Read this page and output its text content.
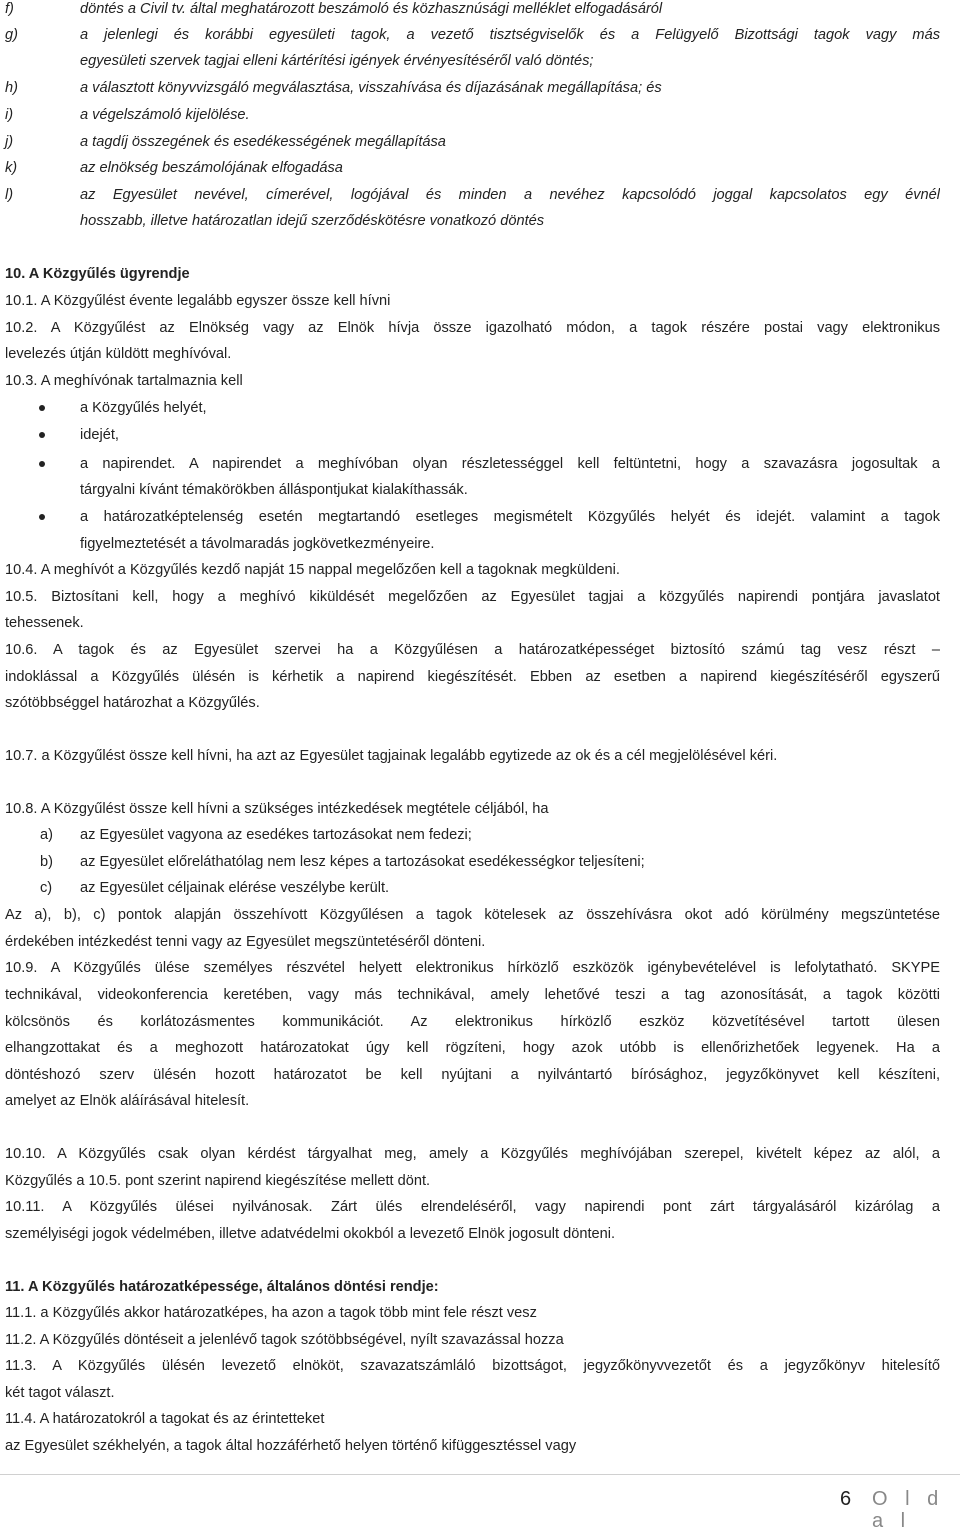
f)	döntés a Civil tv. által meghatározott beszámoló és közhasznúsági melléklet elfogadásáról
g)	a jelenlegi és korábbi egyesületi tagok, a vezető tisztségviselők és a Felügyelő Bizottsági tagok vagy más
egyesületi szervek tagjai elleni kártérítési igények érvényesítéséről való döntés;
h)	a választott könyvvizsgáló megválasztása, visszahívása és díjazásának megállapítása; és
i)	a végelszámoló kijelölése.
j)	a tagdíj összegének és esedékességének megállapítása
k)	az elnökség beszámolójának elfogadása
l)	az Egyesület nevével, címerével, logójával és minden a nevéhez kapcsolódó joggal kapcsolatos egy évnél
hosszabb, illetve határozatlan idejű szerződéskötésre vonatkozó döntés
10. A Közgyűlés ügyrendje
10.1. A Közgyűlést évente legalább egyszer össze kell hívni
10.2. A Közgyűlést az Elnökség vagy az Elnök hívja össze igazolható módon, a tagok részére postai vagy elektronikus
levelezés útján küldött meghívóval.
10.3. A meghívónak tartalmaznia kell
a Közgyűlés helyét,
idejét,
a napirendet. A napirendet a meghívóban olyan részletességgel kell feltüntetni, hogy a szavazásra jogosultak a
tárgyalni kívánt témakörökben álláspontjukat kialakíthassák.
a határozatképtelenség esetén megtartandó esetleges megismételt Közgyűlés helyét és idejét. valamint a tagok
figyelmeztetését a távolmaradás jogkövetkezményeire.
10.4. A meghívót a Közgyűlés kezdő napját 15 nappal megelőzően kell a tagoknak megküldeni.
10.5. Biztosítani kell, hogy a meghívó kiküldését megelőzően az Egyesület tagjai a közgyűlés napirendi pontjára javaslatot
tehessenek.
10.6. A tagok és az Egyesület szervei ha a Közgyűlésen a határozatképességet biztosító számú tag vesz részt –
indoklással a Közgyűlés ülésén is kérhetik a napirend kiegészítését. Ebben az esetben a napirend kiegészítéséről egyszerű
szótöbbséggel határozhat a Közgyűlés.
10.7. a Közgyűlést össze kell hívni, ha azt az Egyesület tagjainak legalább egytizede az ok és a cél megjelölésével kéri.
10.8. A Közgyűlést össze kell hívni a szükséges intézkedések megtétele céljából, ha
a) az Egyesület vagyona az esedékes tartozásokat nem fedezi;
b) az Egyesület előreláthatólag nem lesz képes a tartozásokat esedékességkor teljesíteni;
c) az Egyesület céljainak elérése veszélybe került.
Az a), b), c) pontok alapján összehívott Közgyűlésen a tagok kötelesek az összehívásra okot adó körülmény megszüntetése
érdekében intézkedést tenni vagy az Egyesület megszüntetéséről dönteni.
10.9. A Közgyűlés ülése személyes részvétel helyett elektronikus hírközlő eszközök igénybevételével is lefolytatható. SKYPE
technikával, videokonferencia keretében, vagy más technikával, amely lehetővé teszi a tag azonosítását, a tagok közötti
kölcsönös és korlátozásmentes kommunikációt. Az elektronikus hírközlő eszköz közvetítésével tartott ülesen
elhangzottakat és a meghozott határozatokat úgy kell rögzíteni, hogy azok utóbb is ellenőrizhetőek legyenek. Ha a
döntéshozó szerv ülésén hozott határozatot be kell nyújtani a nyilvántartó bírósághoz, jegyzőkönyvet kell készíteni,
amelyet az Elnök aláírásával hitelesít.
10.10. A Közgyűlés csak olyan kérdést tárgyalhat meg, amely a Közgyűlés meghívójában szerepel, kivételt képez az alól, a
Közgyűlés a 10.5. pont szerint napirend kiegészítése mellett dönt.
10.11. A Közgyűlés ülései nyilvánosak. Zárt ülés elrendeléséről, vagy napirendi pont zárt tárgyalásáról kizárólag a
személyiségi jogok védelmében, illetve adatvédelmi okokból a levezető Elnök jogosult dönteni.
11. A Közgyűlés határozatképessége, általános döntési rendje:
11.1. a Közgyűlés akkor határozatképes, ha azon a tagok több mint fele részt vesz
11.2. A Közgyűlés döntéseit a jelenlévő tagok szótöbbségével, nyílt szavazással hozza
11.3. A Közgyűlés ülésén levezető elnököt, szavazatszámláló bizottságot, jegyzőkönyvvezetőt és a jegyzőkönyv hitelesítő
két tagot választ.
11.4. A határozatokról a tagokat és az érintetteket
az Egyesület székhelyén, a tagok által hozzáférhető helyen történő kifüggesztéssel vagy
6 O l d a l
